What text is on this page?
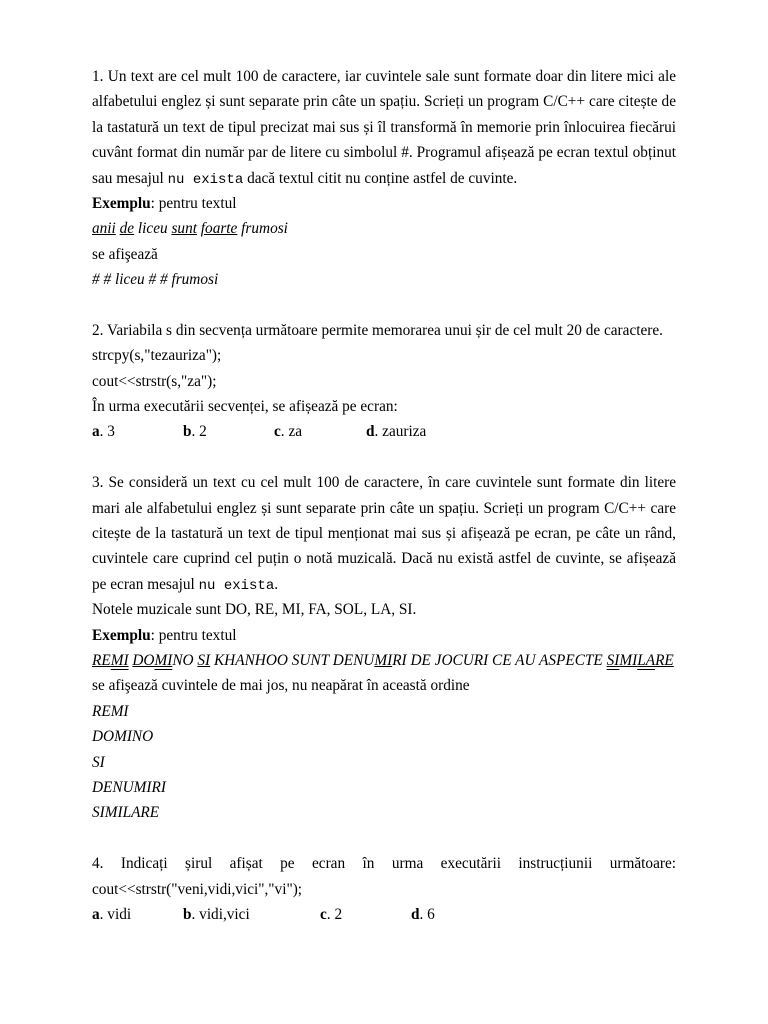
1. Un text are cel mult 100 de caractere, iar cuvintele sale sunt formate doar din litere mici ale
alfabetului englez și sunt separate prin câte un spațiu. Scrieți un program C/C++ care citește de
la tastatură un text de tipul precizat mai sus și îl transformă în memorie prin înlocuirea fiecărui
cuvânt format din număr par de litere cu simbolul #. Programul afișează pe ecran textul obținut
sau mesajul nu exista dacă textul citit nu conține astfel de cuvinte.
Exemplu: pentru textul
anii de liceu sunt foarte frumosi
se afişează
# # liceu # # frumosi
2. Variabila s din secvența următoare permite memorarea unui șir de cel mult 20 de caractere.
strcpy(s,"tezauriza");
cout<<strstr(s,"za");
În urma executării secvenței, se afișează pe ecran:
a. 3	b. 2	c. za	d. zauriza
3. Se consideră un text cu cel mult 100 de caractere, în care cuvintele sunt formate din litere
mari ale alfabetului englez și sunt separate prin câte un spațiu. Scrieți un program C/C++ care
citește de la tastatură un text de tipul menționat mai sus și afișează pe ecran, pe câte un rând,
cuvintele care cuprind cel puțin o notă muzicală. Dacă nu există astfel de cuvinte, se afișează
pe ecran mesajul nu exista.
Notele muzicale sunt DO, RE, MI, FA, SOL, LA, SI.
Exemplu: pentru textul
REMI DOMINO SI KHANHOO SUNT DENUMIRI DE JOCURI CE AU ASPECTE SIMILARE
se afişează cuvintele de mai jos, nu neapărat în această ordine
REMI
DOMINO
SI
DENUMIRI
SIMILARE
4. Indicați șirul afișat pe ecran în urma executării instrucțiunii următoare:
cout<<strstr("veni,vidi,vici","vi");
a. vidi	b. vidi,vici	c. 2	d. 6
